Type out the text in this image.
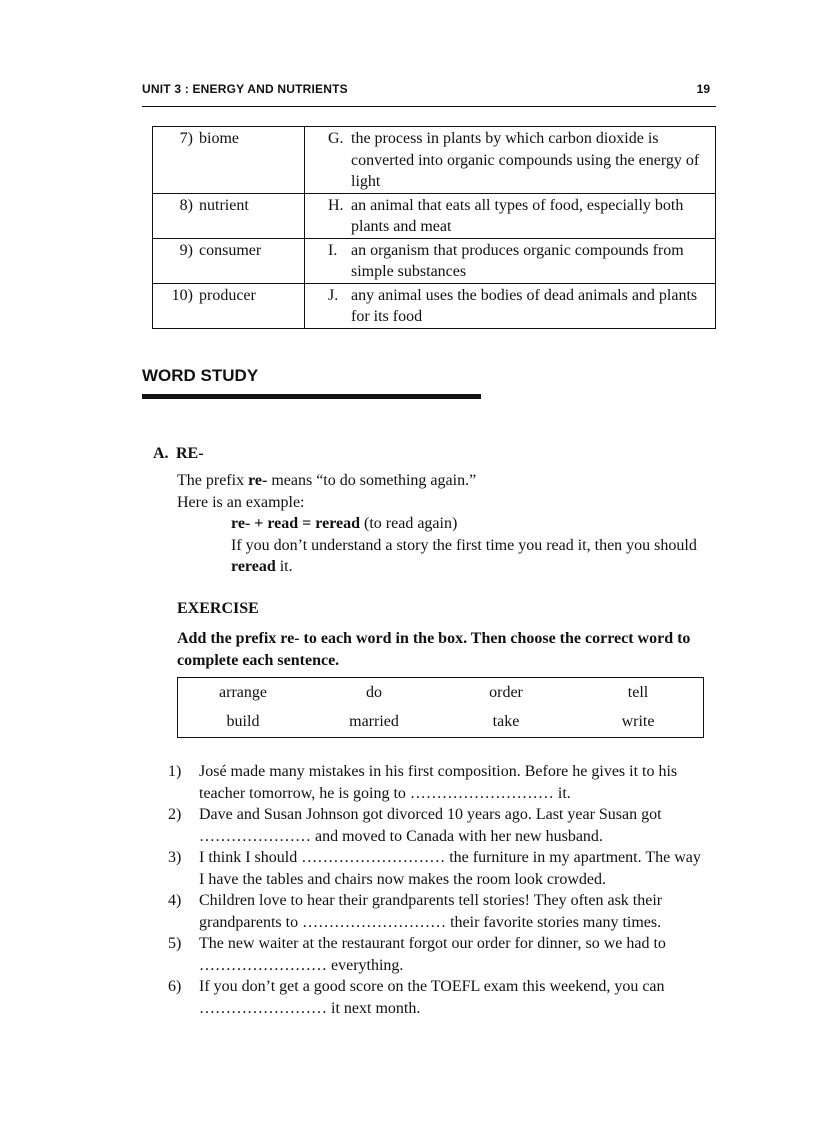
UNIT 3 : ENERGY AND NUTRIENTS	19
7) biome	G. the process in plants by which carbon dioxide is converted into organic compounds using the energy of light

8) nutrient	H. an animal that eats all types of food, especially both plants and meat

9) consumer	I. an organism that produces organic compounds from simple substances

10) producer	J. any animal uses the bodies of dead animals and plants for its food
WORD STUDY
A. RE-
The prefix re- means “to do something again.”
Here is an example:
re- + read = reread (to read again)
If you don’t understand a story the first time you read it, then you should reread it.
EXERCISE
Add the prefix re- to each word in the box. Then choose the correct word to complete each sentence.
arrange	do	order	tell
build	married	take	write
1)	José made many mistakes in his first composition. Before he gives it to his teacher tomorrow, he is going to ……………………… it.
2)	Dave and Susan Johnson got divorced 10 years ago. Last year Susan got ………………… and moved to Canada with her new husband.
3)	I think I should ……………………… the furniture in my apartment. The way I have the tables and chairs now makes the room look crowded.
4)	Children love to hear their grandparents tell stories! They often ask their grandparents to ……………………… their favorite stories many times.
5)	The new waiter at the restaurant forgot our order for dinner, so we had to …………………… everything.
6)	If you don’t get a good score on the TOEFL exam this weekend, you can …………………… it next month.
